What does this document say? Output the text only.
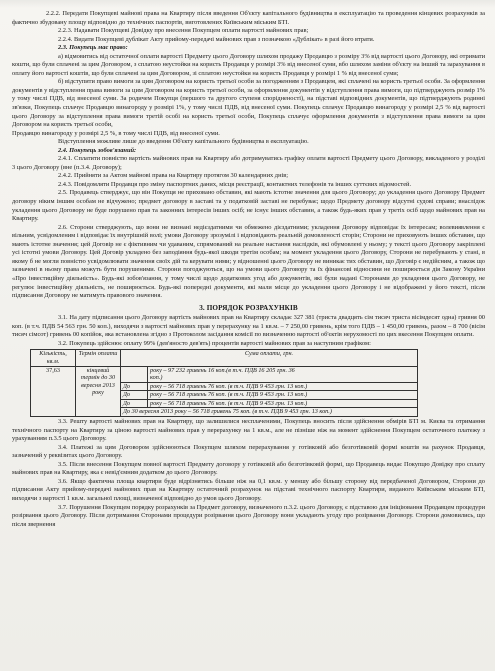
2.2.2. Передати Покупцеві майнові права на Квартиру після введення Об'єкту капітального будівництва в експлуатацію та проведення кінцевих розрахунків за фактично збудовану площу відповідно до технічних паспортів, виготовлених Київським міським БТІ.

2.2.3. Надавати Покупцеві Довідку про внесення Покупцем оплати вартості майнових прав;

2.2.4. Видати Покупцеві дублікат Акту прийому-передачі майнових прав з позначкою «Дублікат» в разі його втрати.

2.3. Покупець має право:

а) відмовитись від остаточної оплати вартості Предмету цього Договору шляхом продажу Продавцю з розміру 3% від вартості цього Договору, які отримати кошти, що були сплачені за цим Договором, з сплатою неустойки на користь Продавця у розмірі 3% від внесеної суми, вбо шляхом заміни об'єкту на інший та зарахування в оплату його вартості коштів, що були сплачені за цим Договором, зі сплатою неустойки на користь Продавця у розмірі 1 % від внесеної суми;

б) відступити право вимоги за цим Договором на користь третьої особи за погодженням з Продавцем, які сплачені на користь третьої особи. За оформлення документів у відступлення права вимоги за цим Договором на користь третьої особи, за оформлення документів у відступлення права вимоги, що підтверджують розмір 1% у тому числі ПДВ, від внесеної суми. За родичем Покупця (першого та другого ступеня спорідненості), на підставі відповідних документів, що підтверджують родинні зв'язки, Покупець сплачує Продавцю винагороду у розмірі 1%, у тому числі ПДВ, від внесеної суми. Покупець сплачує Продавцю винагороду у розмірі 2,5 % від вартості цього Договору за відступлення права вимоги третій особі на користь третьої особи, Покупець сплачує оформлення документів з відступлення права вимоги за цим Договором на користь третьої особи,

Продавцю винагороду у розмірі 2,5 %, в тому числі ПДВ, від внесеної суми.

Відступлення можливе лише до введення Об'єкту капітального будівництва в експлуатацію.

2.4. Покупець зобов'язаний:

2.4.1. Сплатити повністю вартість майнових прав на Квартиру або дотримуватись графіку оплати вартості Предмету цього Договору, викладеного у розділі 3 цього Договору (вне (п.3.4. Договору);

2.4.2. Прийняти за Актом майнові права на Квартиру протягом 30 календарних днів;

2.4.3. Повідомляти Продавця про зміну паспортних даних, місця реєстрації, контактних телефонів та інших суттєвих відомостей.

2.5. Продавець стверджує, що він Покупця не приховано обставин, які мають істотне значення для цього Договору; до укладення цього Договору Предмет договору ніким іншим особам не відчужено; предмет договору в заставі та у податковій заставі не перебуває; щодо Предмету договору відсутні судові справи; внаслідок укладення цього Договору не буде порушено прав та законних інтересів інших осіб; не існує інших обставин, а також будь-яких прав у третіх осіб щодо майнових прав на Квартиру.

2.6. Сторони стверджують, що вони не визнані недієздатними чи обмежено дієздатними; укладення Договору відповідає їх інтересам; волевиявлення є вільним, усвідомленим і відповідає їх внутрішній волі; умови Договору зрозумілі і відповідають реальній домовленості сторін; Сторони не приховують інших обставин, що мають істотне значення; цей Договір не є фіктивним чи удаваним, спрямований на реальне настання наслідків, які обумовлені у ньому; у тексті цього Договору закріплені усі істотні умови Договору. Цей Договір укладено без заподіяння будь-якої шкоди третім особам; на момент укладення цього Договору, Сторони не перебувають у стані, в якому б не могли повністю усвідомлювати значення своїх дій та керувати ними; у відношенні цього Договору не виникає тих обставин, що Договір є недійсним, а також що зазначені в ньому права можуть бути порушеними. Сторони погоджуються, що на умови цього Договору та їх фінансові відносини не поширюється дія Закону України «Про інвестиційну діяльність». Будь-які зобов'язання, у тому числі щодо додаткових угод або документів, які були надані Сторонами до укладення цього Договору, не регулює інвестиційну діяльність, не поширюється. Будь-які попередні документи, які мали місце до укладення цього Договору і не відображені у його тексті, після підписання Договору не матимуть правового значення.

3. ПОРЯДОК РОЗРАХУНКІВ

3.1. На дату підписання цього Договору вартість майнових прав на Квартиру складає 327 381 (триста двадцять сім тисяч триста вісімдесят одна) гривня 00 коп. (в т.ч. ПДВ 54 563 грн. 50 коп.), виходячи з вартості майнових прав у перерахунку на 1 кв.м. – 7 250,00 гривень, крім того ПДВ – 1 450,00 гривень, разом – 8 700 (вісім тисяч сімсот) гривень 00 копійок, яка встановлена згідно з Протоколом засідання комісії по визначенню вартості об'єктів нерухомості по цих вкесення Покупцем оплати.

3.2. Покупець здійснює оплату 99% (дев'яносто дев'ять) процентів вартості майнових прав за наступним графіком:

Кількість, кв.м.	Термін оплати	Сума оплати, грн.	
37,63	кінцевий термін до 30 вересня 2013 року		року – 97 232 гривень 16 коп.(в т.ч. ПДВ 16 205 грн. 36
коп.)
		До	року – 56 718 гривень 76 коп. (в т.ч. ПДВ 9 453 грн. 13 коп.)
		До	року – 56 718 гривень 76 коп. (в т.ч. ПДВ 9 453 грн. 13 коп.)
		До	року – 56 718 гривень 76 коп. (в т.ч. ПДВ 9 453 грн. 13 коп.)
		До 30 вересня 2013 року – 56 718 гривень 75 коп. (в т.ч. ПДВ 9 453 грн. 13 коп.)	

3.3. Решту вартості майнових прав на Квартиру, що залишилися несплаченими, Покупець вносить після здійснення обмірів БТІ м. Києва та отримання технічного паспорту на Квартиру за ціною вартості майнових прав у перерахунку на 1 кв.м., але не пізніше ніж на момент здійснення Покупцем остаточного платежу з урахуванням п.3.5 цього Договору.

3.4. Платежі за цим Договором здійснюються Покупцем шляхом перерахування у готівковій або безготівковій формі коштів на рахунок Продавця, зазначений у реквізитах цього Договору.

3.5. Після внесення Покупцем повної вартості Предмету договору у готівковій або безготівковій формі, що Продавець видає Покупцю Довідку про сплату майнових прав на Квартиру, яка є невід'ємним додатком до цього Договору.

3.6. Якщо фактична площа квартири буде відрізнятись більше ніж на 0,1 кв.м. у меншу або більшу сторону від передбаченої Договором, Сторони до підписання Акту прийому-передачі майнових прав на Квартиру остаточний розрахунок на підставі технічного паспорту Квартири, виданого Київським міським БТІ, виходячи з вартості 1 кв.м. загальної площі, визначеної відповідно до умов цього Договору.

3.7. Порушення Покупцем порядку розрахунків за Предмет договору, визначеного п.3.2. цього Договору, є підставою для ініціювання Продавцем процедури розірвання цього Договору. Після дотримання Сторонами процедури розірвання цього Договору вони укладають угоду про розірвання Договору. Сторони домовились, що після звернення
